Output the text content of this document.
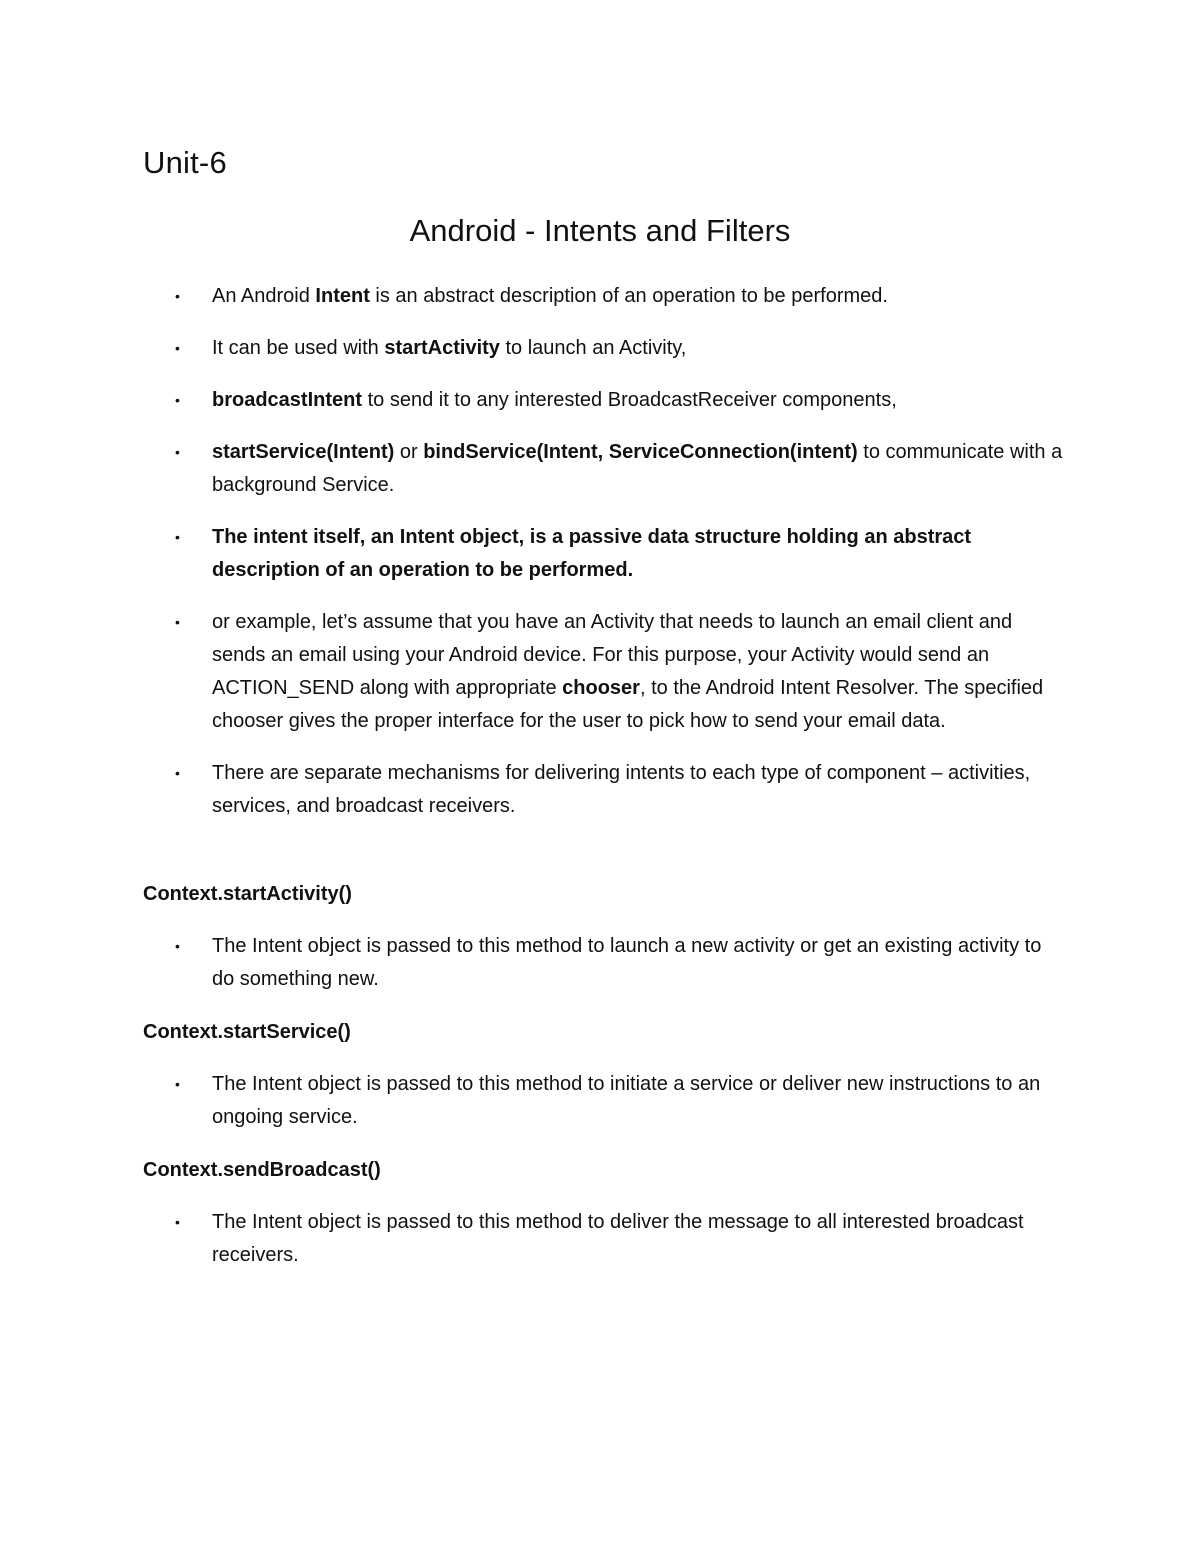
Unit-6
Android - Intents and Filters
• An Android Intent is an abstract description of an operation to be performed.
• It can be used with startActivity to launch an Activity,
• broadcastIntent to send it to any interested BroadcastReceiver components,
• startService(Intent) or bindService(Intent, ServiceConnection(intent) to communicate with a background Service.
• The intent itself, an Intent object, is a passive data structure holding an abstract description of an operation to be performed.
• or example, let’s assume that you have an Activity that needs to launch an email client and sends an email using your Android device. For this purpose, your Activity would send an ACTION_SEND along with appropriate chooser, to the Android Intent Resolver. The specified chooser gives the proper interface for the user to pick how to send your email data.
• There are separate mechanisms for delivering intents to each type of component – activities, services, and broadcast receivers.

Context.startActivity()

• The Intent object is passed to this method to launch a new activity or get an existing activity to do something new.

Context.startService()

• The Intent object is passed to this method to initiate a service or deliver new instructions to an ongoing service.

Context.sendBroadcast()

• The Intent object is passed to this method to deliver the message to all interested broadcast receivers.
